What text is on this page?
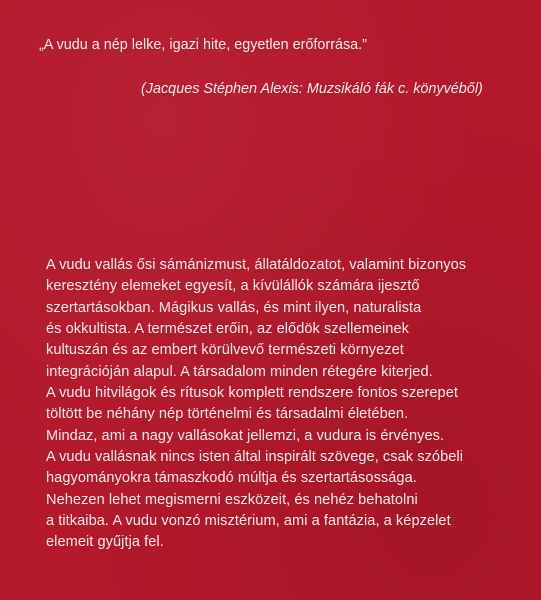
„A vudu a nép lelke, igazi hite, egyetlen erőforrása.”

(Jacques Stéphen Alexis: Muzsikáló fák c. könyvéből)

A vudu vallás ősi sámánizmust, állatáldozatot, valamint bizonyos
keresztény elemeket egyesít, a kívülállók számára ijesztő
szertartásokban. Mágikus vallás, és mint ilyen, naturalista
és okkultista. A természet erőin, az elődök szellemeinek
kultuszán és az embert körülvevő természeti környezet
integrációján alapul. A társadalom minden rétegére kiterjed.
A vudu hitvilágok és rítusok komplett rendszere fontos szerepet
töltött be néhány nép történelmi és társadalmi életében.
Mindaz, ami a nagy vallásokat jellemzi, a vudura is érvényes.
A vudu vallásnak nincs isten által inspirált szövege, csak szóbeli
hagyományokra támaszkodó múltja és szertartásossága.
Nehezen lehet megismerni eszközeit, és nehéz behatolni
a titkaiba. A vudu vonzó misztérium, ami a fantázia, a képzelet
elemeit gyűjtja fel.
